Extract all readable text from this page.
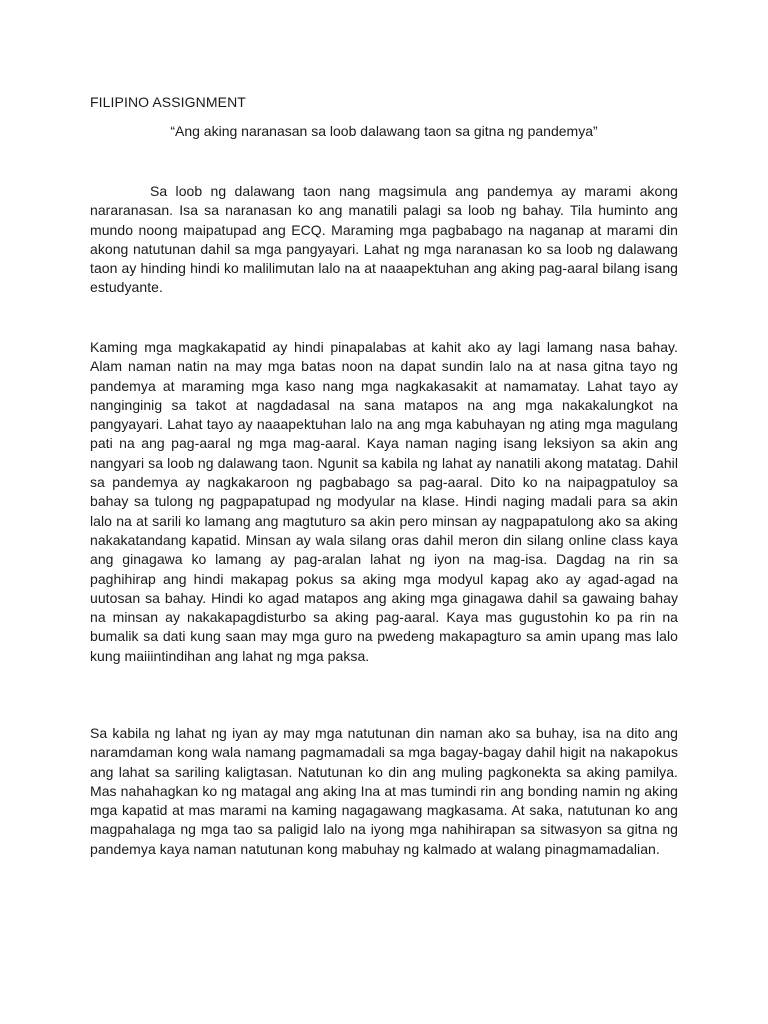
FILIPINO ASSIGNMENT
“Ang aking naranasan sa loob dalawang taon sa gitna ng pandemya”

Sa loob ng dalawang taon nang magsimula ang pandemya ay marami akong nararanasan. Isa sa naranasan ko ang manatili palagi sa loob ng bahay. Tila huminto ang mundo noong maipatupad ang ECQ. Maraming mga pagbabago na naganap at marami din akong natutunan dahil sa mga pangyayari. Lahat ng mga naranasan ko sa loob ng dalawang taon ay hinding hindi ko malilimutan lalo na at naaapektuhan ang aking pag-aaral bilang isang estudyante.

Kaming mga magkakapatid ay hindi pinapalabas at kahit ako ay lagi lamang nasa bahay. Alam naman natin na may mga batas noon na dapat sundin lalo na at nasa gitna tayo ng pandemya at maraming mga kaso nang mga nagkakasakit at namamatay. Lahat tayo ay nanginginig sa takot at nagdadasal na sana matapos na ang mga nakakalungkot na pangyayari. Lahat tayo ay naaapektuhan lalo na ang mga kabuhayan ng ating mga magulang pati na ang pag-aaral ng mga mag-aaral. Kaya naman naging isang leksiyon sa akin ang nangyari sa loob ng dalawang taon. Ngunit sa kabila ng lahat ay nanatili akong matatag. Dahil sa pandemya ay nagkakaroon ng pagbabago sa pag-aaral. Dito ko na naipagpatuloy sa bahay sa tulong ng pagpapatupad ng modyular na klase. Hindi naging madali para sa akin lalo na at sarili ko lamang ang magtuturo sa akin pero minsan ay nagpapatulong ako sa aking nakakatandang kapatid. Minsan ay wala silang oras dahil meron din silang online class kaya ang ginagawa ko lamang ay pag-aralan lahat ng iyon na mag-isa. Dagdag na rin sa paghihirap ang hindi makapag pokus sa aking mga modyul kapag ako ay agad-agad na uutosan sa bahay. Hindi ko agad matapos ang aking mga ginagawa dahil sa gawaing bahay na minsan ay nakakapagdisturbo sa aking pag-aaral. Kaya mas gugustohin ko pa rin na bumalik sa dati kung saan may mga guro na pwedeng makapagturo sa amin upang mas lalo kung maiiintindihan ang lahat ng mga paksa.

Sa kabila ng lahat ng iyan ay may mga natutunan din naman ako sa buhay, isa na dito ang naramdaman kong wala namang pagmamadali sa mga bagay-bagay dahil higit na nakapokus ang lahat sa sariling kaligtasan. Natutunan ko din ang muling pagkonekta sa aking pamilya. Mas nahahagkan ko ng matagal ang aking Ina at mas tumindi rin ang bonding namin ng aking mga kapatid at mas marami na kaming nagagawang magkasama. At saka, natutunan ko ang magpahalaga ng mga tao sa paligid lalo na iyong mga nahihirapan sa sitwasyon sa gitna ng pandemya kaya naman natutunan kong mabuhay ng kalmado at walang pinagmamadalian.
